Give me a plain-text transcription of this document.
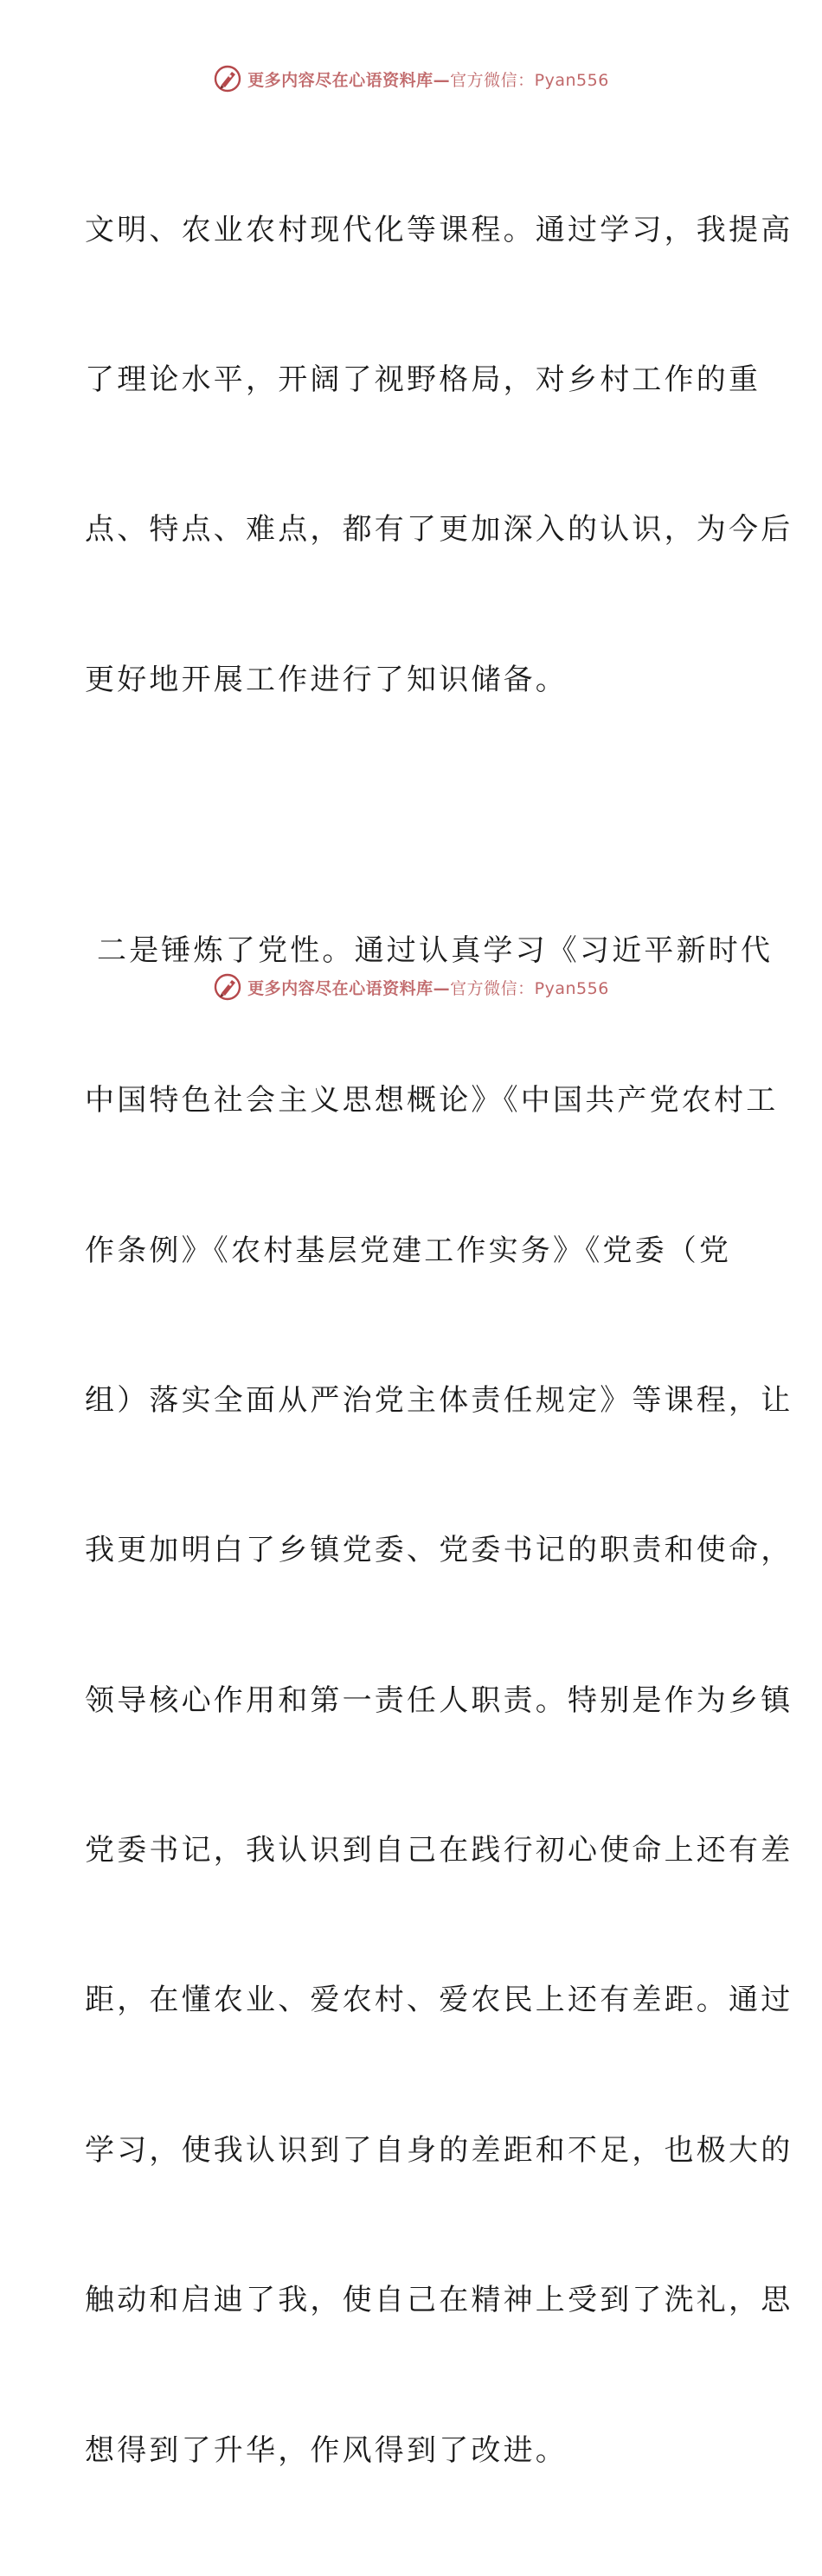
更多内容尽在心语资料库—官方微信：Pyan556

文明、农业农村现代化等课程。通过学习，我提高

了理论水平，开阔了视野格局，对乡村工作的重

点、特点、难点，都有了更加深入的认识，为今后

更好地开展工作进行了知识储备。

二是锤炼了党性。通过认真学习《习近平新时代

中国特色社会主义思想概论》《中国共产党农村工

作条例》《农村基层党建工作实务》《党委（党

组）落实全面从严治党主体责任规定》等课程，让

我更加明白了乡镇党委、党委书记的职责和使命，

领导核心作用和第一责任人职责。特别是作为乡镇

党委书记，我认识到自己在践行初心使命上还有差

距，在懂农业、爱农村、爱农民上还有差距。通过

学习，使我认识到了自身的差距和不足，也极大的

触动和启迪了我，使自己在精神上受到了洗礼，思

想得到了升华，作风得到了改进。

更多内容尽在心语资料库—官方微信：Pyan556
